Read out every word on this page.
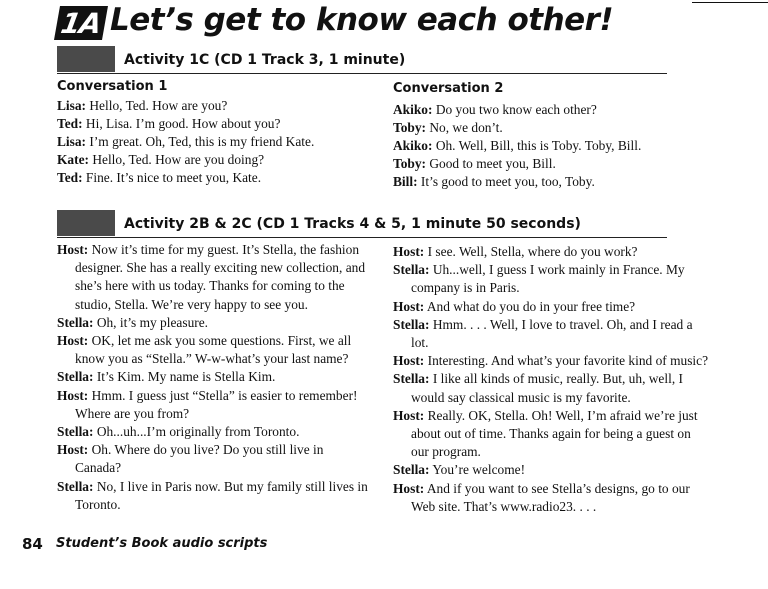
1A Let’s get to know each other!
Activity 1C (CD 1 Track 3, 1 minute)
Conversation 1
Lisa: Hello, Ted. How are you?
Ted: Hi, Lisa. I’m good. How about you?
Lisa: I’m great. Oh, Ted, this is my friend Kate.
Kate: Hello, Ted. How are you doing?
Ted: Fine. It’s nice to meet you, Kate.
Conversation 2
Akiko: Do you two know each other?
Toby: No, we don’t.
Akiko: Oh. Well, Bill, this is Toby. Toby, Bill.
Toby: Good to meet you, Bill.
Bill: It’s good to meet you, too, Toby.
Activity 2B & 2C (CD 1 Tracks 4 & 5, 1 minute 50 seconds)

Host: Now it’s time for my guest. It’s Stella, the fashion designer. She has a really exciting new collection, and she’s here with us today. Thanks for coming to the studio, Stella. We’re very happy to see you.

Stella: Oh, it’s my pleasure.

Host: OK, let me ask you some questions. First, we all know you as “Stella.” W-w-what’s your last name?

Stella: It’s Kim. My name is Stella Kim.

Host: Hmm. I guess just “Stella” is easier to remember! Where are you from?

Stella: Oh...uh...I’m originally from Toronto.

Host: Oh. Where do you live? Do you still live in Canada?

Stella: No, I live in Paris now. But my family still lives in Toronto.

Host: I see. Well, Stella, where do you work?

Stella: Uh...well, I guess I work mainly in France. My company is in Paris.

Host: And what do you do in your free time?

Stella: Hmm. . . . Well, I love to travel. Oh, and I read a lot.

Host: Interesting. And what’s your favorite kind of music?

Stella: I like all kinds of music, really. But, uh, well, I would say classical music is my favorite.

Host: Really. OK, Stella. Oh! Well, I’m afraid we’re just about out of time. Thanks again for being a guest on our program.

Stella: You’re welcome!

Host: And if you want to see Stella’s designs, go to our Web site. That’s www.radio23. . . .

84 Student’s Book audio scripts
